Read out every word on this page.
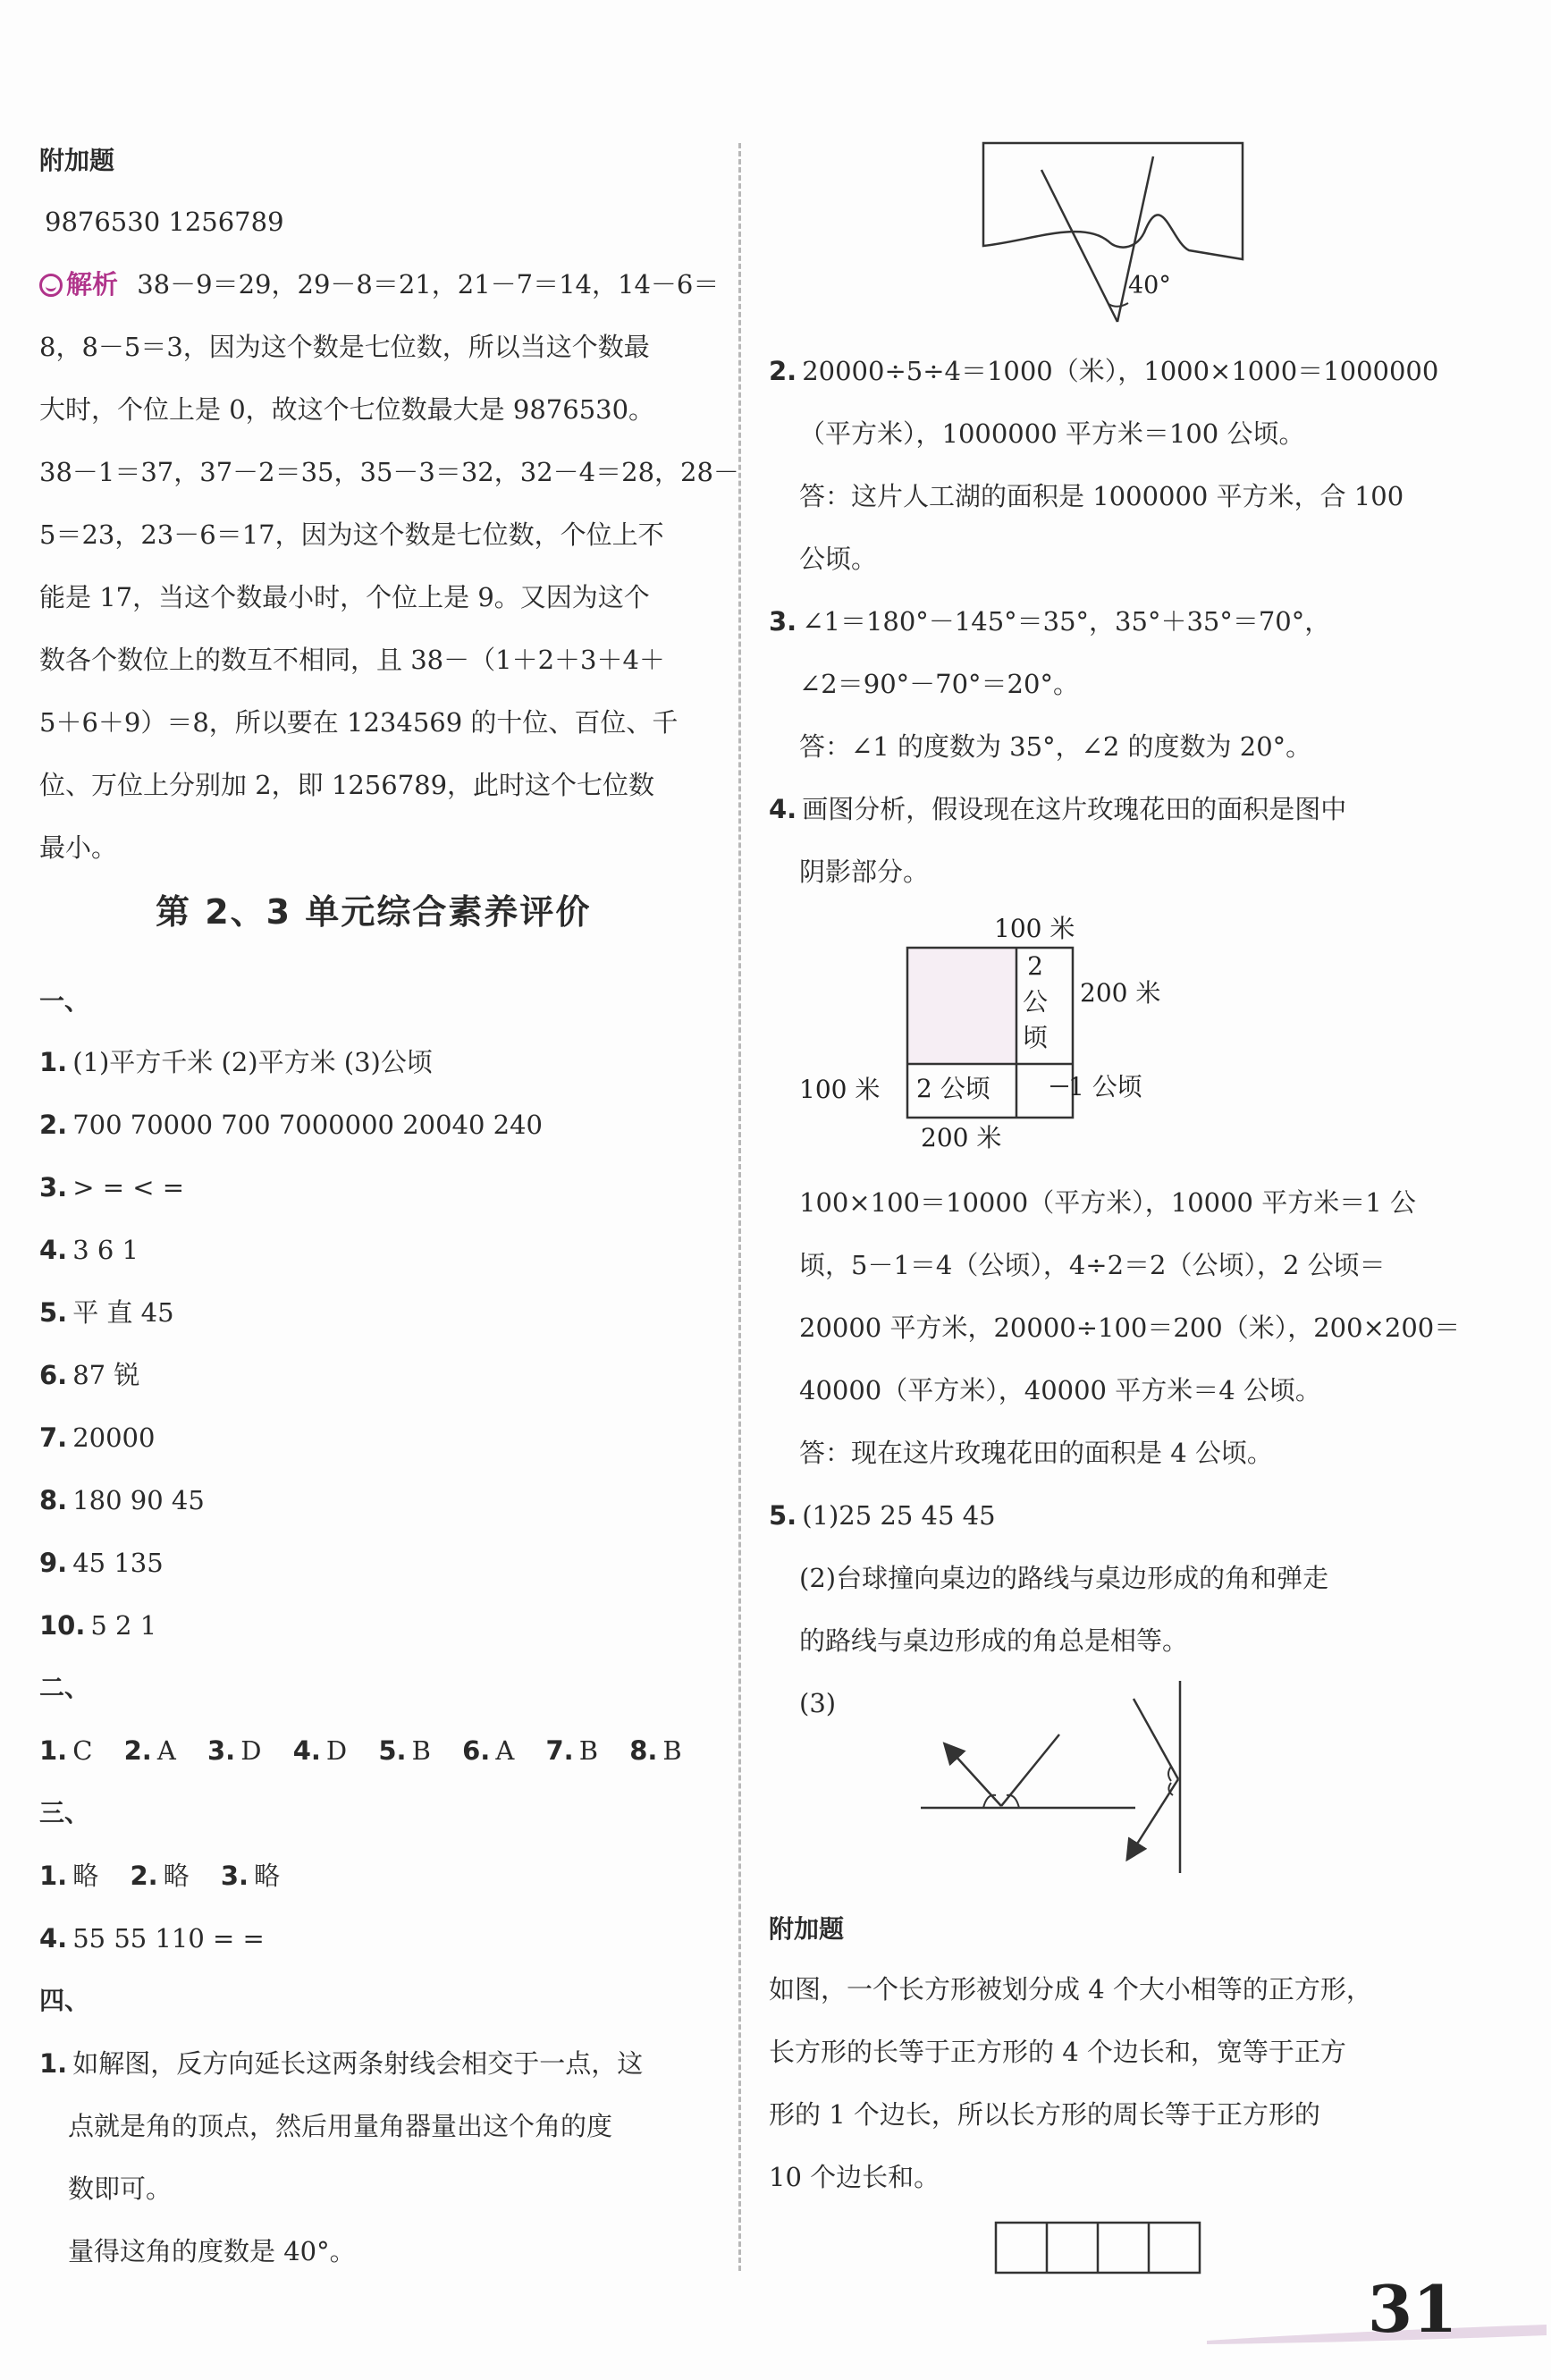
附加题
9876530 1256789
解析 38－9＝29，29－8＝21，21－7＝14，14－6＝
8，8－5＝3，因为这个数是七位数，所以当这个数最
大时，个位上是 0，故这个七位数最大是 9876530。
38－1＝37，37－2＝35，35－3＝32，32－4＝28，28－
5＝23，23－6＝17，因为这个数是七位数，个位上不
能是 17，当这个数最小时，个位上是 9。又因为这个
数各个数位上的数互不相同，且 38－（1＋2＋3＋4＋
5＋6＋9）＝8，所以要在 1234569 的十位、百位、千
位、万位上分别加 2，即 1256789，此时这个七位数
最小。
第 2、3 单元综合素养评价
一、
1. (1)平方千米 (2)平方米 (3)公顷
2. 700 70000 700 7000000 20040 240
3. > = < =
4. 3 6 1
5. 平 直 45
6. 87 锐
7. 20000
8. 180 90 45
9. 45 135
10. 5 2 1
二、
1. C 2. A 3. D 4. D 5. B 6. A 7. B 8. B
三、
1. 略 2. 略 3. 略
4. 55 55 110 = =
四、
1. 如解图，反方向延长这两条射线会相交于一点，这
点就是角的顶点，然后用量角器量出这个角的度
数即可。
量得这角的度数是 40°。
40°
2. 20000÷5÷4＝1000（米），1000×1000＝1000000
（平方米），1000000 平方米＝100 公顷。
答：这片人工湖的面积是 1000000 平方米，合 100
公顷。
3. ∠1＝180°－145°＝35°，35°＋35°＝70°，
∠2＝90°－70°＝20°。
答：∠1 的度数为 35°，∠2 的度数为 20°。
4. 画图分析，假设现在这片玫瑰花田的面积是图中
阴影部分。
100 米
200 米
100 米
200 米
2 公顷
2
公
顷
1 公顷
100×100＝10000（平方米），10000 平方米＝1 公
顷，5－1＝4（公顷），4÷2＝2（公顷），2 公顷＝
20000 平方米，20000÷100＝200（米），200×200＝
40000（平方米），40000 平方米＝4 公顷。
答：现在这片玫瑰花田的面积是 4 公顷。
5. (1)25 25 45 45
(2)台球撞向桌边的路线与桌边形成的角和弹走
的路线与桌边形成的角总是相等。
(3)
附加题
如图，一个长方形被划分成 4 个大小相等的正方形，
长方形的长等于正方形的 4 个边长和，宽等于正方
形的 1 个边长，所以长方形的周长等于正方形的
10 个边长和。
31
